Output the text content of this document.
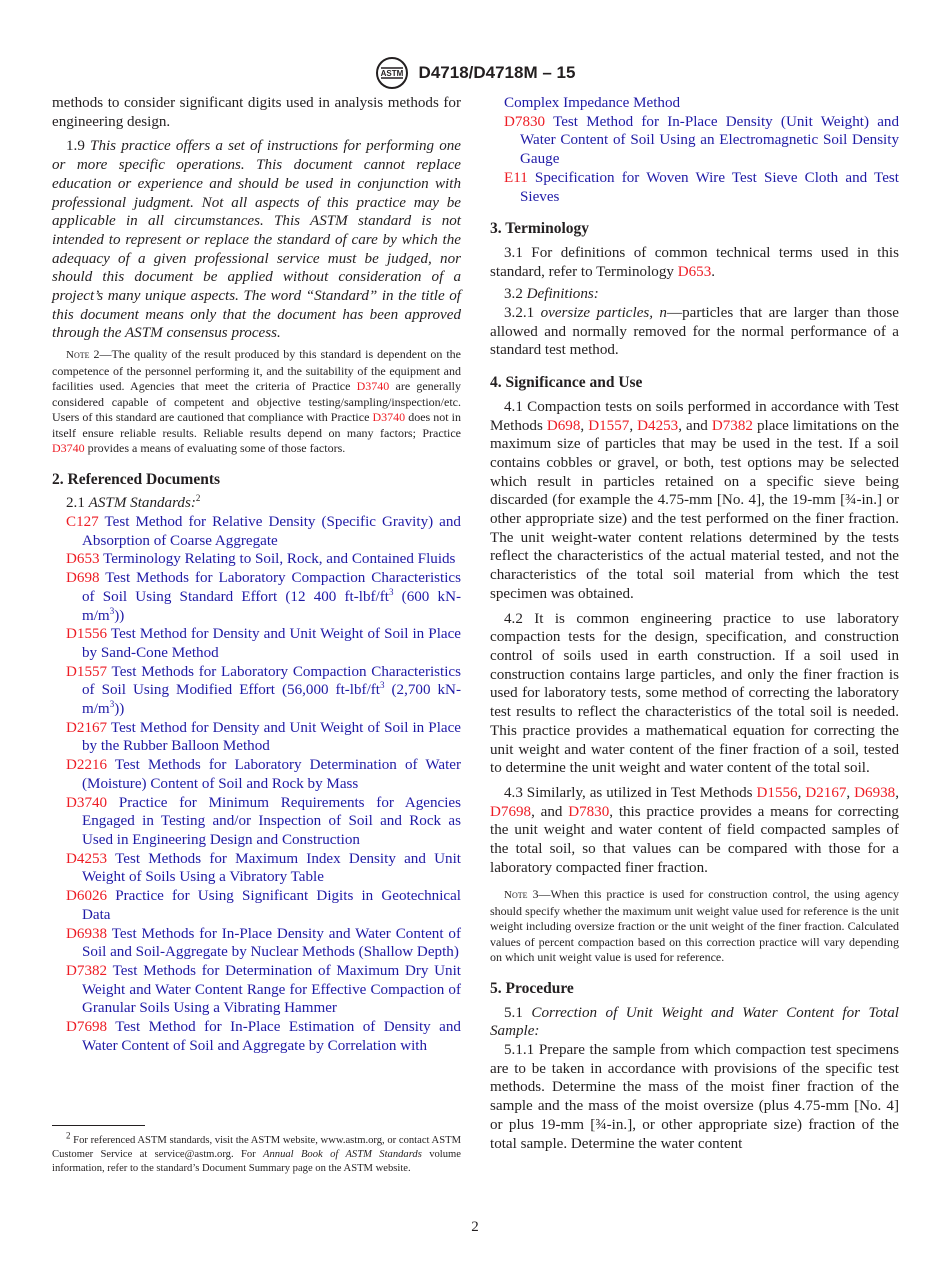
ASTM D4718/D4718M – 15

methods to consider significant digits used in analysis methods for engineering design.

1.9 This practice offers a set of instructions for performing one or more specific operations. This document cannot replace education or experience and should be used in conjunction with professional judgment. Not all aspects of this practice may be applicable in all circumstances. This ASTM standard is not intended to represent or replace the standard of care by which the adequacy of a given professional service must be judged, nor should this document be applied without consideration of a project’s many unique aspects. The word “Standard” in the title of this document means only that the document has been approved through the ASTM consensus process.

Note 2—The quality of the result produced by this standard is dependent on the competence of the personnel performing it, and the suitability of the equipment and facilities used. Agencies that meet the criteria of Practice D3740 are generally considered capable of competent and objective testing/sampling/inspection/etc. Users of this standard are cautioned that compliance with Practice D3740 does not in itself ensure reliable results. Reliable results depend on many factors; Practice D3740 provides a means of evaluating some of those factors.

2. Referenced Documents

2.1 ASTM Standards:$^2$

C127 Test Method for Relative Density (Specific Gravity) and Absorption of Coarse Aggregate

D653 Terminology Relating to Soil, Rock, and Contained Fluids

D698 Test Methods for Laboratory Compaction Characteristics of Soil Using Standard Effort (12 400 $ft-lbf/ft^3$ (600 $kN-m/m^3$))

D1556 Test Method for Density and Unit Weight of Soil in Place by Sand-Cone Method

D1557 Test Methods for Laboratory Compaction Characteristics of Soil Using Modified Effort (56,000 $ft-lbf/ft^3$ (2,700 $kN-m/m^3$))

D2167 Test Method for Density and Unit Weight of Soil in Place by the Rubber Balloon Method

D2216 Test Methods for Laboratory Determination of Water (Moisture) Content of Soil and Rock by Mass

D3740 Practice for Minimum Requirements for Agencies Engaged in Testing and/or Inspection of Soil and Rock as Used in Engineering Design and Construction

D4253 Test Methods for Maximum Index Density and Unit Weight of Soils Using a Vibratory Table

D6026 Practice for Using Significant Digits in Geotechnical Data

D6938 Test Methods for In-Place Density and Water Content of Soil and Soil-Aggregate by Nuclear Methods (Shallow Depth)

D7382 Test Methods for Determination of Maximum Dry Unit Weight and Water Content Range for Effective Compaction of Granular Soils Using a Vibrating Hammer

D7698 Test Method for In-Place Estimation of Density and Water Content of Soil and Aggregate by Correlation with

$^2$ For referenced ASTM standards, visit the ASTM website, www.astm.org, or contact ASTM Customer Service at service@astm.org. For Annual Book of ASTM Standards volume information, refer to the standard’s Document Summary page on the ASTM website.

Complex Impedance Method

D7830 Test Method for In-Place Density (Unit Weight) and Water Content of Soil Using an Electromagnetic Soil Density Gauge

E11 Specification for Woven Wire Test Sieve Cloth and Test Sieves

3. Terminology

3.1 For definitions of common technical terms used in this standard, refer to Terminology D653.

3.2 Definitions:

3.2.1 oversize particles, n—particles that are larger than those allowed and normally removed for the normal performance of a standard test method.

4. Significance and Use

4.1 Compaction tests on soils performed in accordance with Test Methods D698, D1557, D4253, and D7382 place limitations on the maximum size of particles that may be used in the test. If a soil contains cobbles or gravel, or both, test options may be selected which result in particles retained on a specific sieve being discarded (for example the 4.75-mm [No. 4], the 19-mm [¾-in.] or other appropriate size) and the test performed on the finer fraction. The unit weight-water content relations determined by the tests reflect the characteristics of the actual material tested, and not the characteristics of the total soil material from which the test specimen was obtained.

4.2 It is common engineering practice to use laboratory compaction tests for the design, specification, and construction control of soils used in earth construction. If a soil used in construction contains large particles, and only the finer fraction is used for laboratory tests, some method of correcting the laboratory test results to reflect the characteristics of the total soil is needed. This practice provides a mathematical equation for correcting the unit weight and water content of the finer fraction of a soil, tested to determine the unit weight and water content of the total soil.

4.3 Similarly, as utilized in Test Methods D1556, D2167, D6938, D7698, and D7830, this practice provides a means for correcting the unit weight and water content of field compacted samples of the total soil, so that values can be compared with those for a laboratory compacted finer fraction.

Note 3—When this practice is used for construction control, the using agency should specify whether the maximum unit weight value used for reference is the unit weight including oversize fraction or the unit weight of the finer fraction. Calculated values of percent compaction based on this correction practice will vary depending on which unit weight value is used for reference.

5. Procedure

5.1 Correction of Unit Weight and Water Content for Total Sample:

5.1.1 Prepare the sample from which compaction test specimens are to be taken in accordance with provisions of the specific test methods. Determine the mass of the moist finer fraction of the sample and the mass of the moist oversize (plus 4.75-mm [No. 4] or plus 19-mm [¾-in.], or other appropriate size) fraction of the total sample. Determine the water content

2
